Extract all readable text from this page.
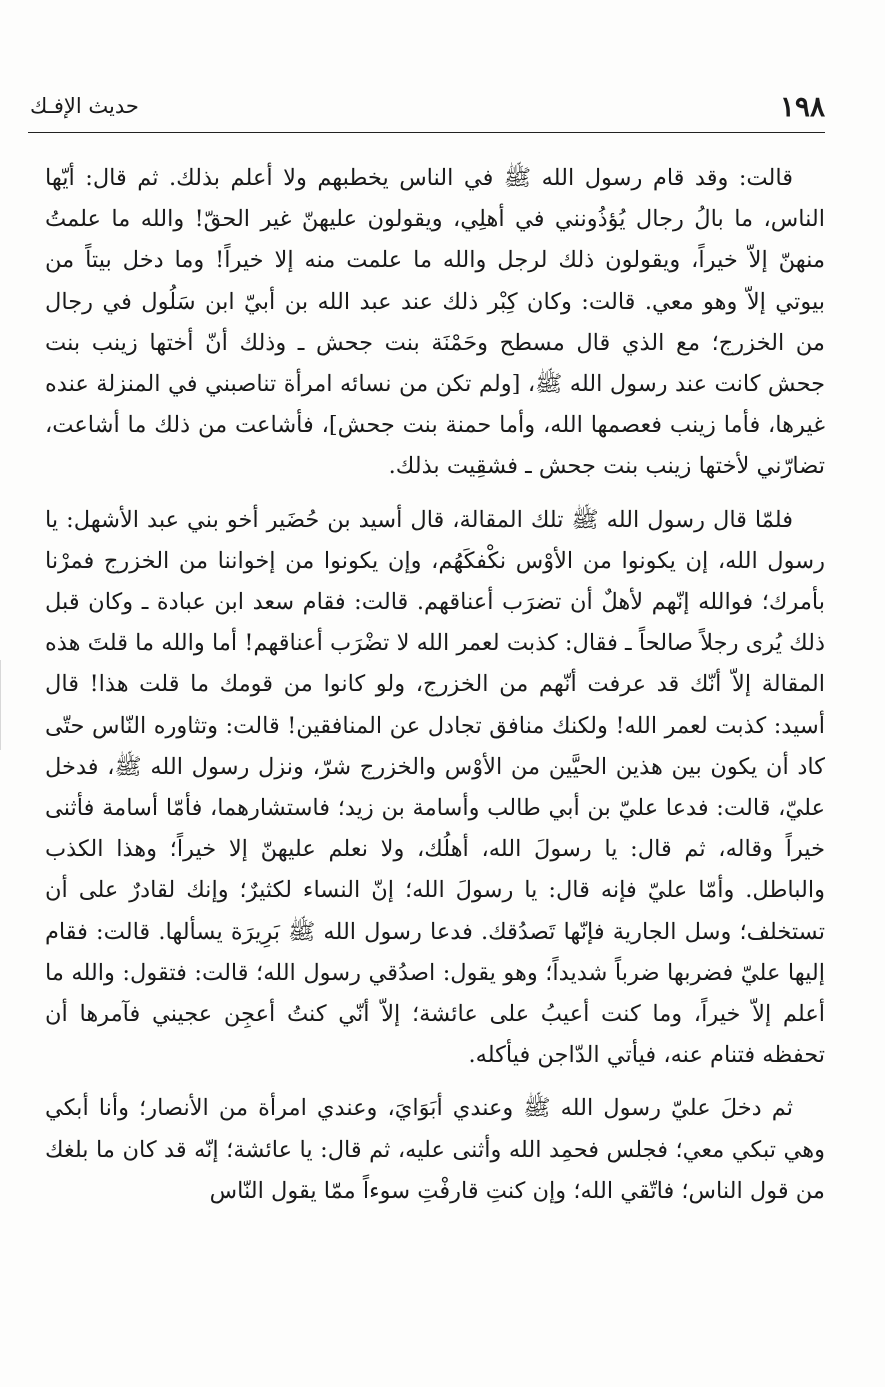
١٩٨
حديث الإفـك

قالت: وقد قام رسول الله ﷺ في الناس يخطبهم ولا أعلم بذلك. ثم قال: أيّها الناس، ما بالُ رجال يُؤذُونني في أهلِي، ويقولون عليهنّ غير الحقّ! والله ما علمتُ منهنّ إلاّ خيراً، ويقولون ذلك لرجل والله ما علمت منه إلا خيراً! وما دخل بيتاً من بيوتي إلاّ وهو معي. قالت: وكان كِبْر ذلك عند عبد الله بن أبيّ ابن سَلُول في رجال من الخزرج؛ مع الذي قال مسطح وحَمْنَة بنت جحش ـ وذلك أنّ أختها زينب بنت جحش كانت عند رسول الله ﷺ، [ولم تكن من نسائه امرأة تناصبني في المنزلة عنده غيرها، فأما زينب فعصمها الله، وأما حمنة بنت جحش]، فأشاعت من ذلك ما أشاعت، تضارّني لأختها زينب بنت جحش ـ فشقِيت بذلك.

فلمّا قال رسول الله ﷺ تلك المقالة، قال أسيد بن حُضَير أخو بني عبد الأشهل: يا رسول الله، إن يكونوا من الأوْس نكْفكَهُم، وإن يكونوا من إخواننا من الخزرج فمرْنا بأمرك؛ فوالله إنّهم لأهلٌ أن تضرَب أعناقهم. قالت: فقام سعد ابن عبادة ـ وكان قبل ذلك يُرى رجلاً صالحاً ـ فقال: كذبت لعمر الله لا تضْرَب أعناقهم! أما والله ما قلتَ هذه المقالة إلاّ أنّك قد عرفت أنّهم من الخزرج، ولو كانوا من قومك ما قلت هذا! قال أسيد: كذبت لعمر الله! ولكنك منافق تجادل عن المنافقين! قالت: وتثاوره النّاس حتّى كاد أن يكون بين هذين الحيَّين من الأوْس والخزرج شرّ، ونزل رسول الله ﷺ، فدخل عليّ، قالت: فدعا عليّ بن أبي طالب وأسامة بن زيد؛ فاستشارهما، فأمّا أسامة فأثنى خيراً وقاله، ثم قال: يا رسولَ الله، أهلُك، ولا نعلم عليهنّ إلا خيراً؛ وهذا الكذب والباطل. وأمّا عليّ فإنه قال: يا رسولَ الله؛ إنّ النساء لكثيرٌ؛ وإنك لقادرٌ على أن تستخلف؛ وسل الجارية فإنّها تَصدُقك. فدعا رسول الله ﷺ بَرِيرَة يسألها. قالت: فقام إليها عليّ فضربها ضرباً شديداً؛ وهو يقول: اصدُقي رسول الله؛ قالت: فتقول: والله ما أعلم إلاّ خيراً، وما كنت أعيبُ على عائشة؛ إلاّ أنّي كنتُ أعجِن عجيني فآمرها أن تحفظه فتنام عنه، فيأتي الدّاجن فيأكله.

ثم دخلَ عليّ رسول الله ﷺ وعندي أبَوَايَ، وعندي امرأة من الأنصار؛ وأنا أبكي وهي تبكي معي؛ فجلس فحمِد الله وأثنى عليه، ثم قال: يا عائشة؛ إنّه قد كان ما بلغك من قول الناس؛ فاتّقي الله؛ وإن كنتِ قارفْتِ سوءاً ممّا يقول النّاس
